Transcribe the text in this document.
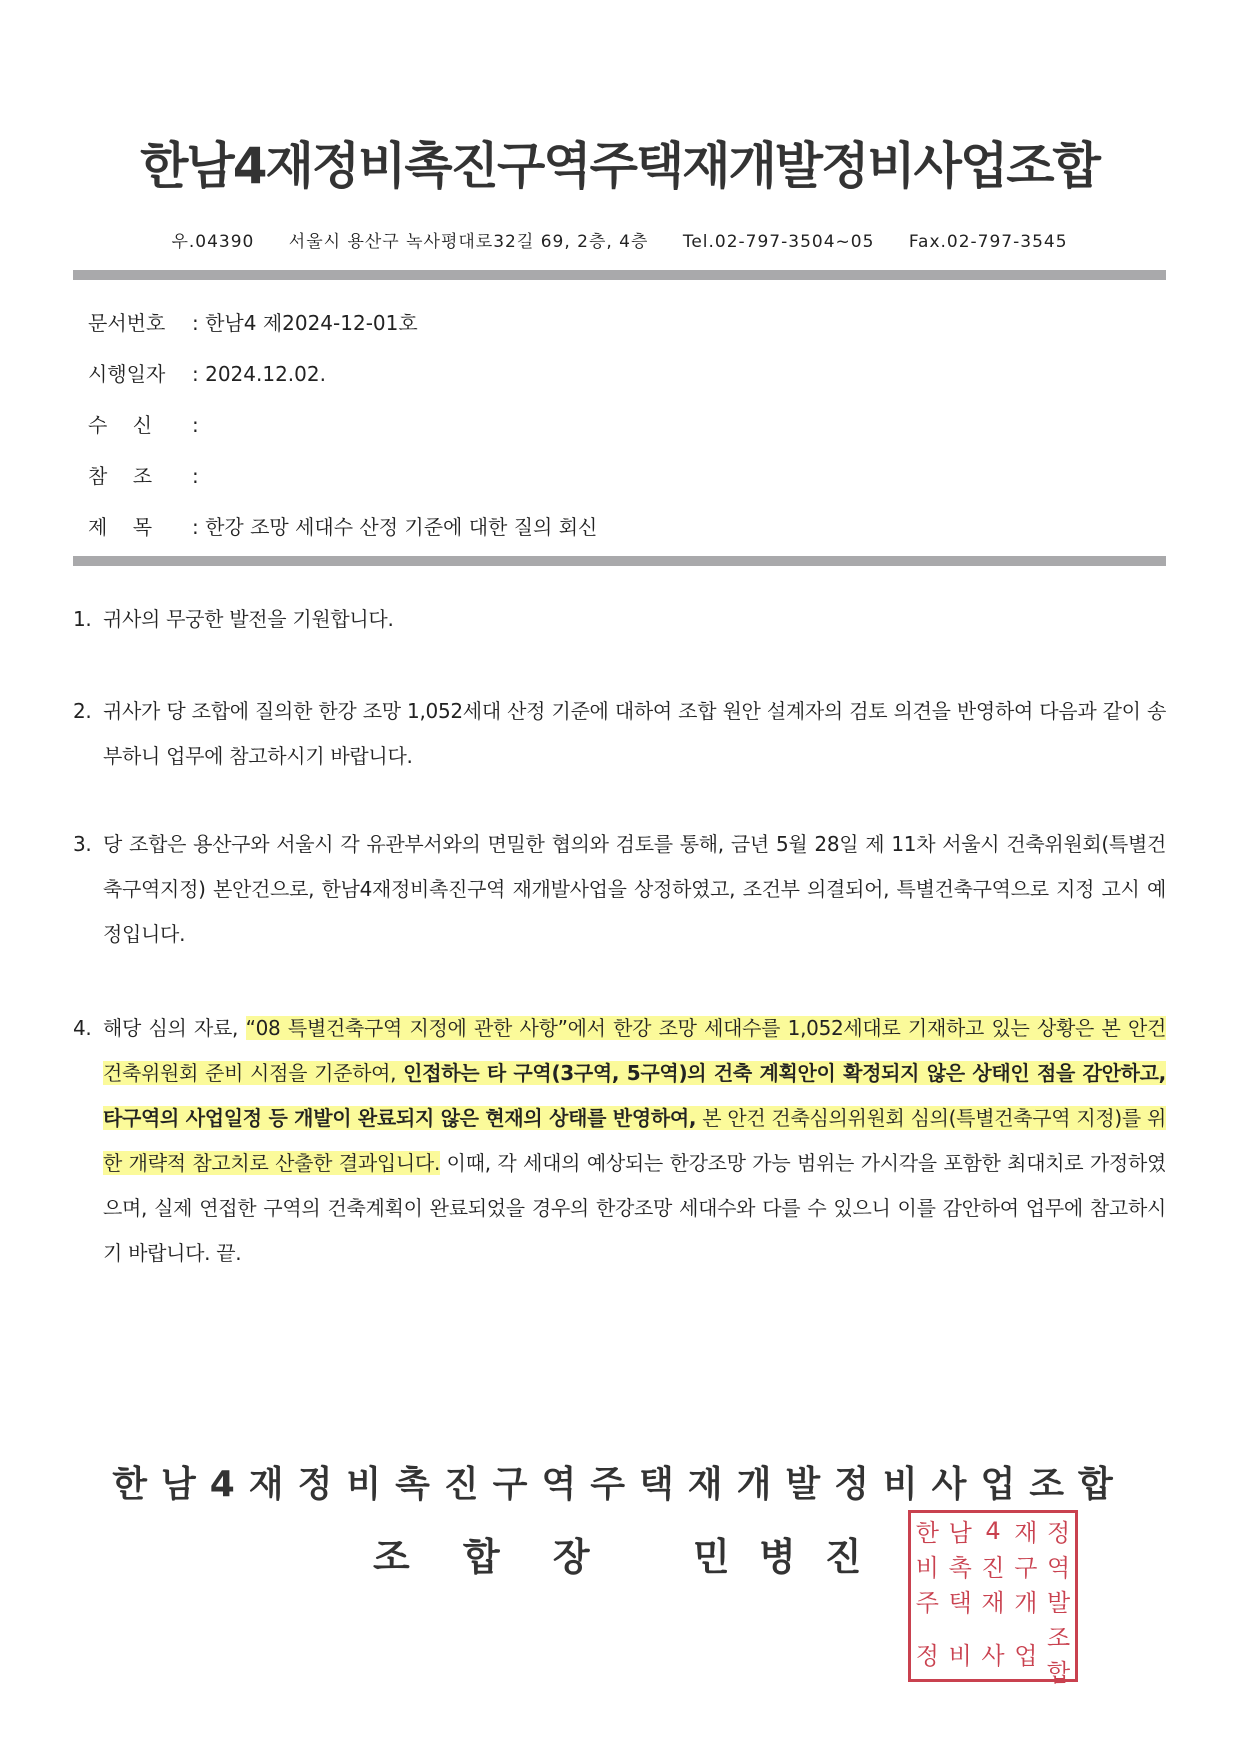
한남4재정비촉진구역주택재개발정비사업조합
우.04390 서울시 용산구 녹사평대로32길 69, 2층, 4층 Tel.02-797-3504~05 Fax.02-797-3545
문서번호 : 한남4 제2024-12-01호
시행일자 : 2024.12.02.
수    신 :
참    조 :
제    목 : 한강 조망 세대수 산정 기준에 대한 질의 회신
1. 귀사의 무궁한 발전을 기원합니다.
2. 귀사가 당 조합에 질의한 한강 조망 1,052세대 산정 기준에 대하여 조합 원안 설계자의 검토 의견을 반영하여 다음과 같이 송부하니 업무에 참고하시기 바랍니다.
3. 당 조합은 용산구와 서울시 각 유관부서와의 면밀한 협의와 검토를 통해, 금년 5월 28일 제 11차 서울시 건축위원회(특별건축구역지정) 본안건으로, 한남4재정비촉진구역 재개발사업을 상정하였고, 조건부 의결되어, 특별건축구역으로 지정 고시 예정입니다.
4. 해당 심의 자료, “08 특별건축구역 지정에 관한 사항”에서 한강 조망 세대수를 1,052세대로 기재하고 있는 상황은 본 안건 건축위원회 준비 시점을 기준하여, 인접하는 타 구역(3구역, 5구역)의 건축 계획안이 확정되지 않은 상태인 점을 감안하고, 타구역의 사업일정 등 개발이 완료되지 않은 현재의 상태를 반영하여, 본 안건 건축심의위원회 심의(특별건축구역 지정)를 위한 개략적 참고치로 산출한 결과입니다. 이때, 각 세대의 예상되는 한강조망 가능 범위는 가시각을 포함한 최대치로 가정하였으며, 실제 연접한 구역의 건축계획이 완료되었을 경우의 한강조망 세대수와 다를 수 있으니 이를 감안하여 업무에 참고하시기 바랍니다. 끝.
한남4재정비촉진구역주택재개발정비사업조합
조 합 장 민 병 진
한 남 4 재 정
비 촉 진 구 역
주 택 재 개 발
정 비 사 업
조합
